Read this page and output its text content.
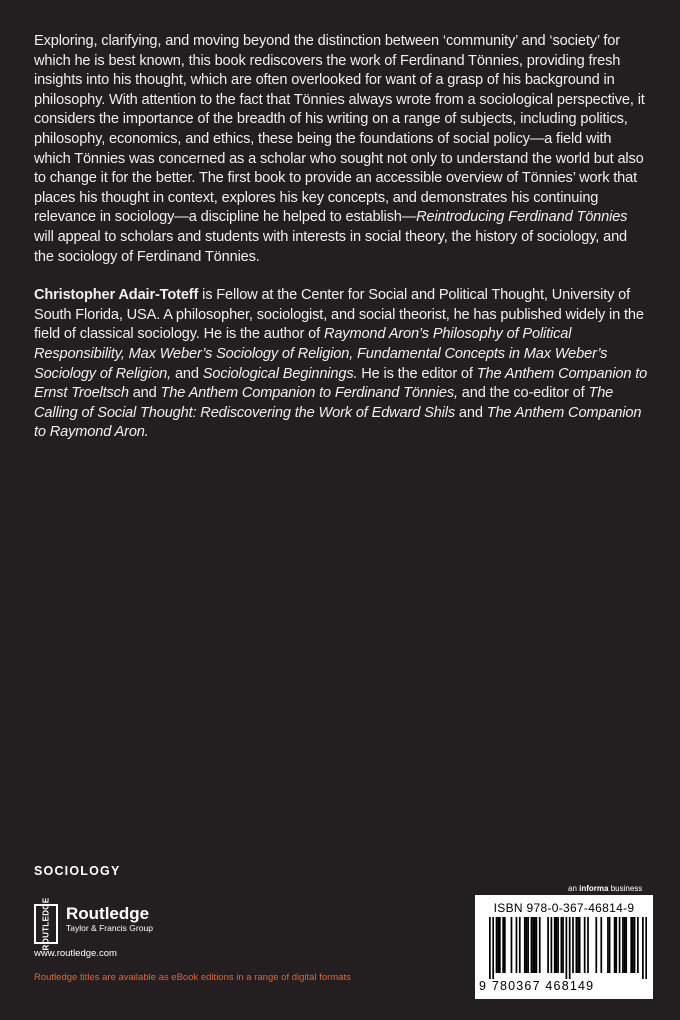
Exploring, clarifying, and moving beyond the distinction between ‘community’ and ‘society’ for which he is best known, this book rediscovers the work of Ferdinand Tönnies, providing fresh insights into his thought, which are often overlooked for want of a grasp of his background in philosophy. With attention to the fact that Tönnies always wrote from a sociological perspective, it considers the importance of the breadth of his writing on a range of subjects, including politics, philosophy, economics, and ethics, these being the foundations of social policy—a field with which Tönnies was concerned as a scholar who sought not only to understand the world but also to change it for the better. The first book to provide an accessible overview of Tönnies’ work that places his thought in context, explores his key concepts, and demonstrates his continuing relevance in sociology—a discipline he helped to establish—Reintroducing Ferdinand Tönnies will appeal to scholars and students with interests in social theory, the history of sociology, and the sociology of Ferdinand Tönnies.

Christopher Adair-Toteff is Fellow at the Center for Social and Political Thought, University of South Florida, USA. A philosopher, sociologist, and social theorist, he has published widely in the field of classical sociology. He is the author of Raymond Aron’s Philosophy of Political Responsibility, Max Weber’s Sociology of Religion, Fundamental Concepts in Max Weber’s Sociology of Religion, and Sociological Beginnings. He is the editor of The Anthem Companion to Ernst Troeltsch and The Anthem Companion to Ferdinand Tönnies, and the co-editor of The Calling of Social Thought: Rediscovering the Work of Edward Shils and The Anthem Companion to Raymond Aron.

SOCIOLOGY
ROUTLEDGE Routledge
Taylor & Francis Group
www.routledge.com
Routledge titles are available as eBook editions in a range of digital formats
an informa business
ISBN 978-0-367-46814-9
9 780367 468149
